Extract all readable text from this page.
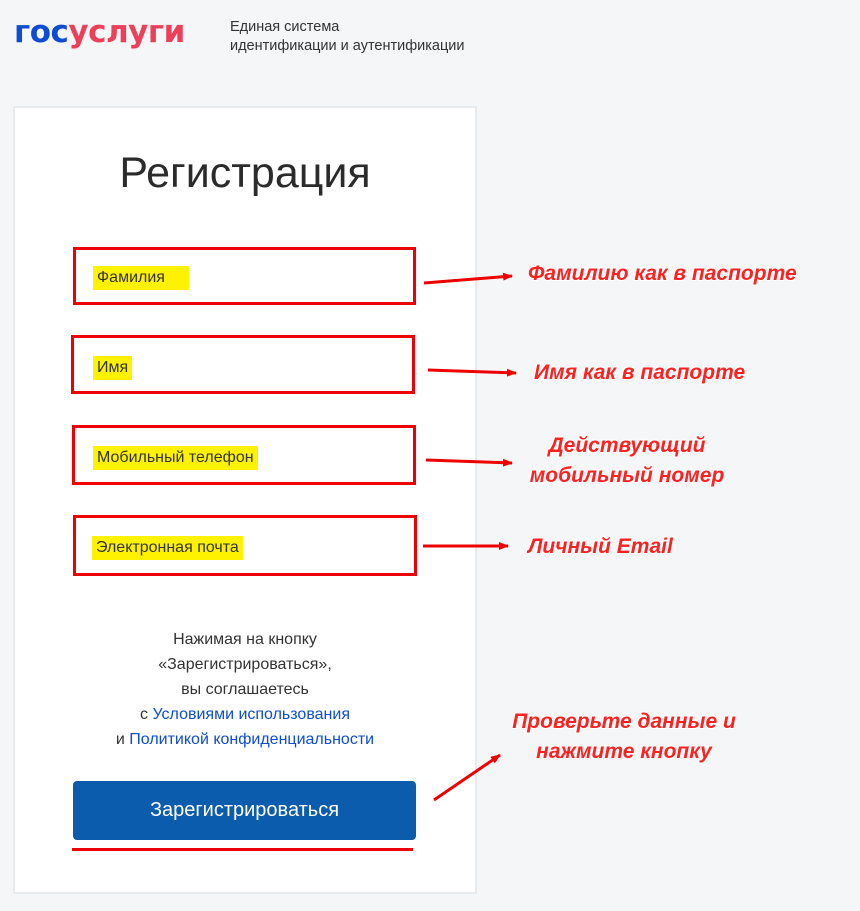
госуслуги	Единая система
идентификации и аутентификации
Регистрация
Фамилия
Имя
Мобильный телефон
Электронная почта
Нажимая на кнопку
«Зарегистрироваться»,
вы соглашаетесь
с Условиями использования
и Политикой конфиденциальности
Зарегистрироваться
Фамилию как в паспорте
Имя как в паспорте
Действующий
мобильный номер
Личный Email
Проверьте данные и
нажмите кнопку
